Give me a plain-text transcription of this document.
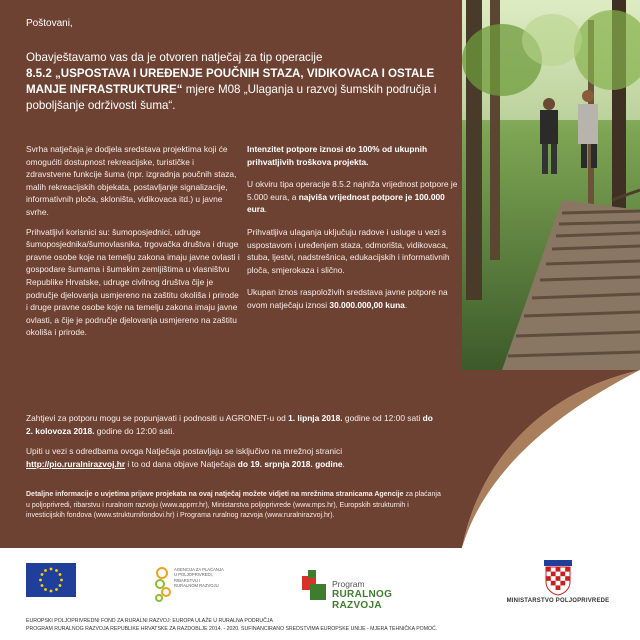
Poštovani,
Obavještavamo vas da je otvoren natječaj za tip operacije
8.5.2 „USPOSTAVA I UREĐENJE POUČNIH STAZA, VIDIKOVACA I OSTALE MANJE INFRASTRUKTURE“ mjere M08 „Ulaganja u razvoj šumskih područja i poboljšanje održivosti šuma“.

Svrha natječaja je dodjela sredstava projektima koji će omogućiti dostupnost rekreacijske, turističke i zdravstvene funkcije šuma (npr. izgradnja poučnih staza, malih rekreacijskih objekata, postavljanje signalizacije, informativnih ploča, skloništa, vidikovaca itd.) u javne svrhe.

Prihvatljivi korisnici su: šumoposjednici, udruge šumoposjednika/šumovlasnika, trgovačka društva i druge pravne osobe koje na temelju zakona imaju javne ovlasti i gospodare šumama i šumskim zemljištima u vlasništvu Republike Hrvatske, udruge civilnog društva čije je područje djelovanja usmjereno na zaštitu okoliša i prirode i druge pravne osobe koje na temelju zakona imaju javne ovlasti, a čije je područje djelovanja usmjereno na zaštitu okoliša i prirode.

Intenzitet potpore iznosi do 100% od ukupnih prihvatljivih troškova projekta.

U okviru tipa operacije 8.5.2 najniža vrijednost potpore je 5.000 eura, a najviša vrijednost potpore je 100.000 eura.

Prihvatljiva ulaganja uključuju radove i usluge u vezi s uspostavom i uređenjem staza, odmorišta, vidikovaca, stuba, ljestvi, nadstrešnica, edukacijskih i informativnih ploča, smjerokaza i slično.

Ukupan iznos raspoloživih sredstava javne potpore na ovom natječaju iznosi 30.000.000,00 kuna.

Zahtjevi za potporu mogu se popunjavati i podnositi u AGRONET-u od 1. lipnja 2018. godine od 12:00 sati do 2. kolovoza 2018. godine do 12:00 sati.

Upiti u vezi s odredbama ovoga Natječaja postavljaju se isključivo na mrežnoj stranici http://pio.ruralnirazvoj.hr i to od dana objave Natječaja do 19. srpnja 2018. godine.

Detaljne informacije o uvjetima prijave projekata na ovaj natječaj možete vidjeti na mrežnima stranicama Agencije za plaćanja u poljoprivredi, ribarstvu i ruralnom razvoju (www.apprrr.hr), Ministarstva poljoprivrede (www.mps.hr), Europskih strukturnih i investicijskih fondova (www.strukturnifondovi.hr) i Programa ruralnog razvoja (www.ruralnirazvoj.hr).
AGENCIJA ZA PLAĆANJA U POLJOPRIVREDI, RIBARSTVU I RURALNOM RAZVOJU	Program
RURALNOG RAZVOJA	MINISTARSTVO POLJOPRIVREDE
EUROPSKI POLJOPRIVREDNI FOND ZA RURALNI RAZVOJ: EUROPA ULAŽE U RURALNA PODRUČJA
PROGRAM RURALNOG RAZVOJA REPUBLIKE HRVATSKE ZA RAZDOBLJE 2014. - 2020. SUFINANCIRANO SREDSTVIMA EUROPSKE UNIJE - MJERA TEHNIČKA POMOĆ.
